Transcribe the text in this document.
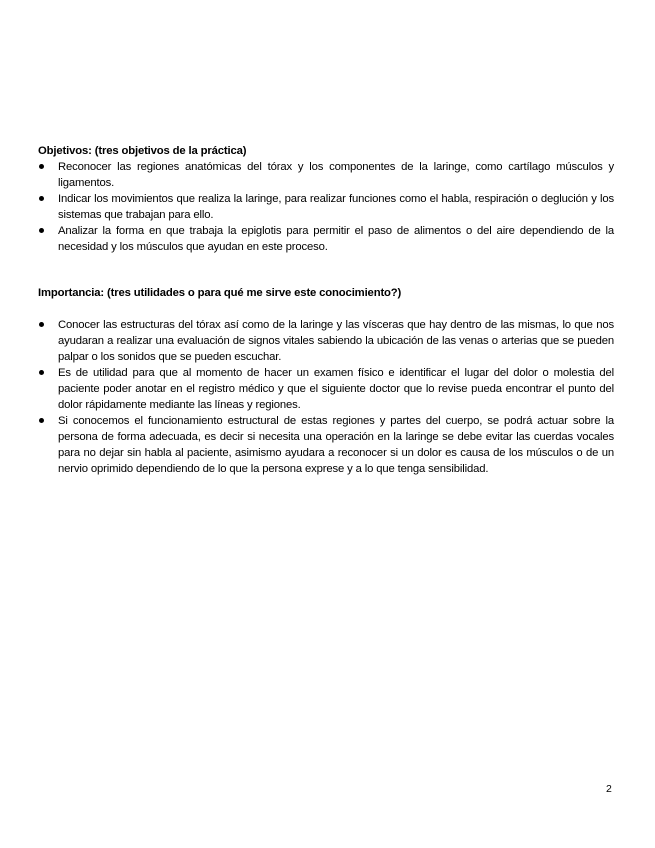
Objetivos: (tres objetivos de la práctica)

Reconocer las regiones anatómicas del tórax y los componentes de la laringe, como cartílago músculos y ligamentos.
Indicar los movimientos que realiza la laringe, para realizar funciones como el habla, respiración o deglución y los sistemas que trabajan para ello.
Analizar la forma en que trabaja la epiglotis para permitir el paso de alimentos o del aire dependiendo de la necesidad y los músculos que ayudan en este proceso.

Importancia: (tres utilidades o para qué me sirve este conocimiento?)

Conocer las estructuras del tórax así como de la laringe y las vísceras que hay dentro de las mismas, lo que nos ayudaran a realizar una evaluación de signos vitales sabiendo la ubicación de las venas o arterias que se pueden palpar o los sonidos que se pueden escuchar.
Es de utilidad para que al momento de hacer un examen físico e identificar el lugar del dolor o molestia del paciente poder anotar en el registro médico y que el siguiente doctor que lo revise pueda encontrar el punto del dolor rápidamente mediante las líneas y regiones.
Si conocemos el funcionamiento estructural de estas regiones y partes del cuerpo, se podrá actuar sobre la persona de forma adecuada, es decir si necesita una operación en la laringe se debe evitar las cuerdas vocales para no dejar sin habla al paciente, asimismo ayudara a reconocer si un dolor es causa de los músculos o de un nervio oprimido dependiendo de lo que la persona exprese y a lo que tenga sensibilidad.
2
